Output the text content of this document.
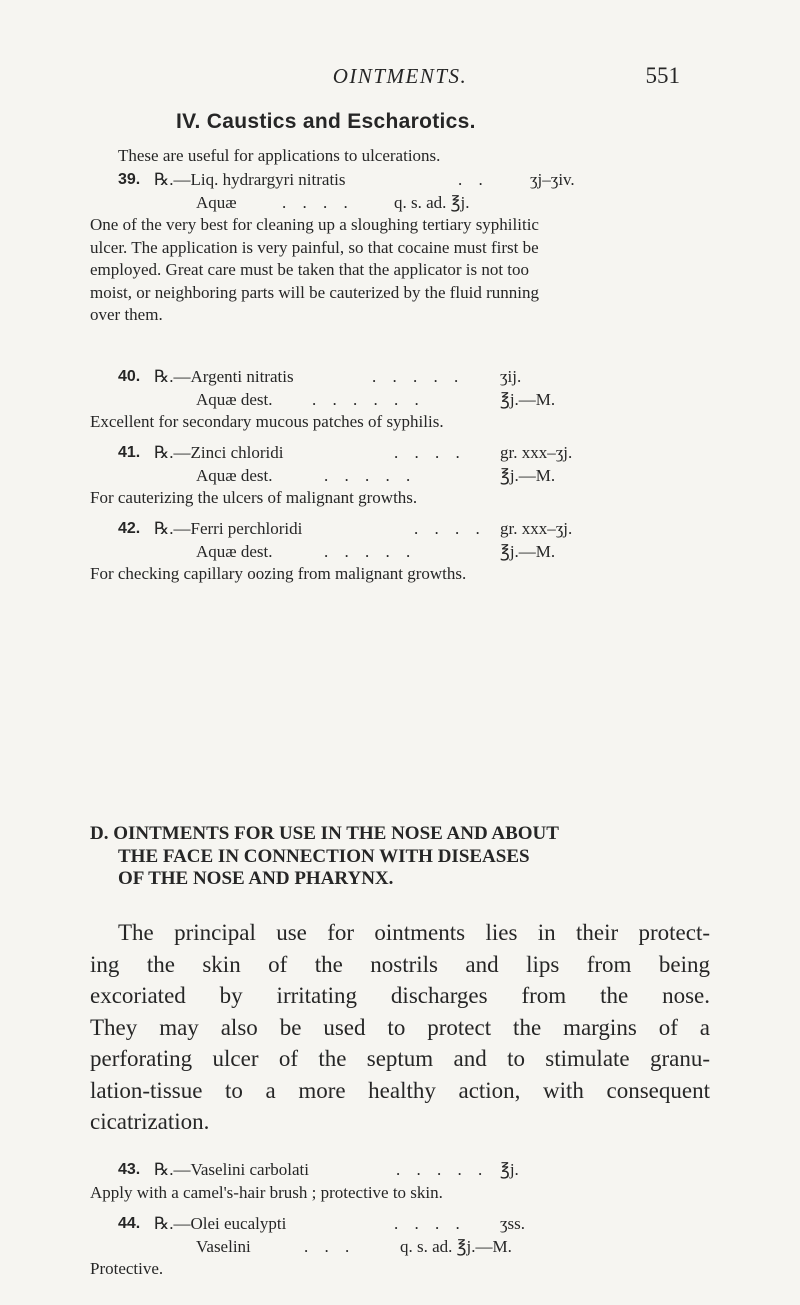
OINTMENTS.	551
IV. Caustics and Escharotics.
These are useful for applications to ulcerations.
39. ℞.—Liq. hydrargyri nitratis	. . ʒj–ʒiv.
Aquæ	. . . . q. s. ad. ℥j.
One of the very best for cleaning up a sloughing tertiary syphilitic
ulcer. The application is very painful, so that cocaine must first be
employed. Great care must be taken that the applicator is not too
moist, or neighboring parts will be cauterized by the fluid running
over them.
40. ℞.—Argenti nitratis	. . . . . ʒij.
Aquæ dest. . . . . . .	℥j.—M.
Excellent for secondary mucous patches of syphilis.
41. ℞.—Zinci chloridi	. . . . gr. xxx–ʒj.
Aquæ dest.	. . . . .	℥j.—M.
For cauterizing the ulcers of malignant growths.
42. ℞.—Ferri perchloridi	. . . . gr. xxx–ʒj.
Aquæ dest.	. . . . .	℥j.—M.
For checking capillary oozing from malignant growths.
D. OINTMENTS FOR USE IN THE NOSE AND ABOUT
THE FACE IN CONNECTION WITH DISEASES
OF THE NOSE AND PHARYNX.
The principal use for ointments lies in their protect-
ing the skin of the nostrils and lips from being
excoriated by irritating discharges from the nose.
They may also be used to protect the margins of a
perforating ulcer of the septum and to stimulate granu-
lation-tissue to a more healthy action, with consequent
cicatrization.
43. ℞.—Vaselini carbolati	. . . . . ℥j.
Apply with a camel's-hair brush ; protective to skin.
44. ℞.—Olei eucalypti	. . . . ʒss.
Vaselini	. . .	q. s. ad. ℥j.—M.
Protective.
